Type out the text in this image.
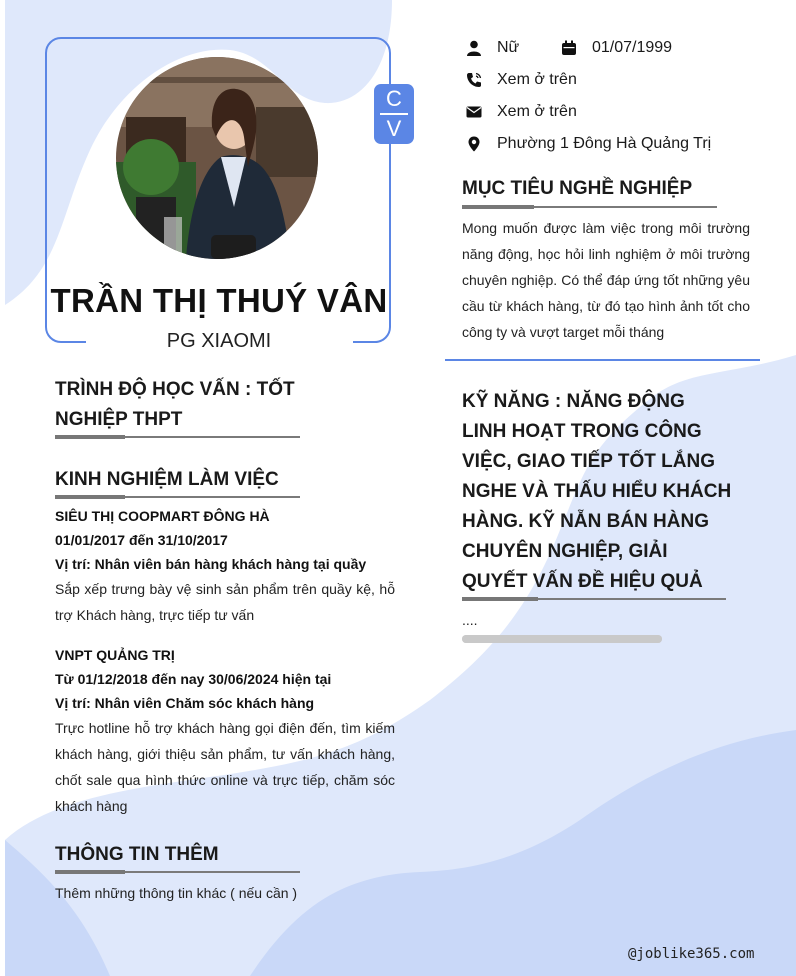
C
V
TRẦN THỊ THUÝ VÂN
PG XIAOMI
Nữ	01/07/1999
Xem ở trên
Xem ở trên
Phường 1 Đông Hà Quảng Trị
MỤC TIÊU NGHỀ NGHIỆP
Mong muốn được làm việc trong môi trường năng động, học hỏi linh nghiệm ở môi trường chuyên nghiệp. Có thể đáp ứng tốt những yêu cầu từ khách hàng, từ đó tạo hình ảnh tốt cho công ty và vượt target mỗi tháng
TRÌNH ĐỘ HỌC VẤN : TỐT
NGHIỆP THPT
KINH NGHIỆM LÀM VIỆC
SIÊU THỊ COOPMART ĐÔNG HÀ
01/01/2017 đến 31/10/2017
Vị trí: Nhân viên bán hàng khách hàng tại quầy
Sắp xếp trưng bày vệ sinh sản phẩm trên quầy kệ, hỗ trợ Khách hàng, trực tiếp tư vấn
VNPT QUẢNG TRỊ
Từ 01/12/2018 đến nay 30/06/2024 hiện tại
Vị trí: Nhân viên Chăm sóc khách hàng
Trực hotline hỗ trợ khách hàng gọi điện đến, tìm kiếm khách hàng, giới thiệu sản phẩm, tư vấn khách hàng, chốt sale qua hình thức online và trực tiếp, chăm sóc khách hàng
THÔNG TIN THÊM
Thêm những thông tin khác ( nếu cần )
KỸ NĂNG : NĂNG ĐỘNG
LINH HOẠT TRONG CÔNG
VIỆC, GIAO TIẾP TỐT LẮNG
NGHE VÀ THẤU HIỂU KHÁCH
HÀNG. KỸ NẴN BÁN HÀNG
CHUYÊN NGHIỆP, GIẢI
QUYẾT VẤN ĐỀ HIỆU QUẢ
....
@joblike365.com
